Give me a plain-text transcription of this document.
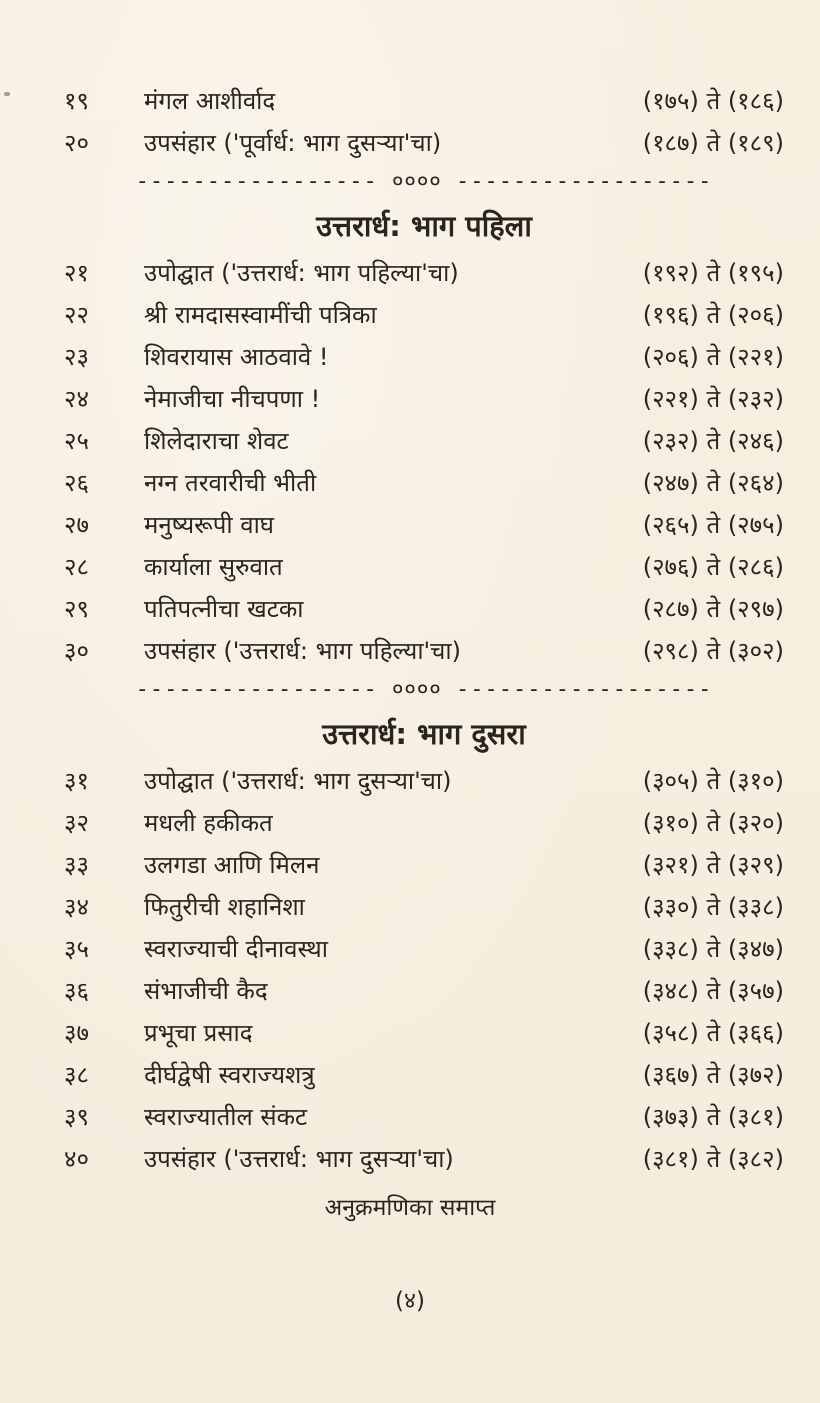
१९	मंगल आशीर्वाद	(१७५) ते (१८६)
२०	उपसंहार ('पूर्वार्ध: भाग दुसऱ्या'चा)	(१८७) ते (१८९)
----------------- ०००० ------------------
उत्तरार्ध: भाग पहिला
२१	उपोद्घात ('उत्तरार्ध: भाग पहिल्या'चा)	(१९२) ते (१९५)
२२	श्री रामदासस्वामींची पत्रिका	(१९६) ते (२०६)
२३	शिवरायास आठवावे !	(२०६) ते (२२१)
२४	नेमाजीचा नीचपणा !	(२२१) ते (२३२)
२५	शिलेदाराचा शेवट	(२३२) ते (२४६)
२६	नग्न तरवारीची भीती	(२४७) ते (२६४)
२७	मनुष्यरूपी वाघ	(२६५) ते (२७५)
२८	कार्याला सुरुवात	(२७६) ते (२८६)
२९	पतिपत्नीचा खटका	(२८७) ते (२९७)
३०	उपसंहार ('उत्तरार्ध: भाग पहिल्या'चा)	(२९८) ते (३०२)
----------------- ०००० ------------------
उत्तरार्ध: भाग दुसरा
३१	उपोद्घात ('उत्तरार्ध: भाग दुसऱ्या'चा)	(३०५) ते (३१०)
३२	मधली हकीकत	(३१०) ते (३२०)
३३	उलगडा आणि मिलन	(३२१) ते (३२९)
३४	फितुरीची शहानिशा	(३३०) ते (३३८)
३५	स्वराज्याची दीनावस्था	(३३८) ते (३४७)
३६	संभाजीची कैद	(३४८) ते (३५७)
३७	प्रभूचा प्रसाद	(३५८) ते (३६६)
३८	दीर्घद्वेषी स्वराज्यशत्रु	(३६७) ते (३७२)
३९	स्वराज्यातील संकट	(३७३) ते (३८१)
४०	उपसंहार ('उत्तरार्ध: भाग दुसऱ्या'चा)	(३८१) ते (३८२)
अनुक्रमणिका समाप्त
(४)
